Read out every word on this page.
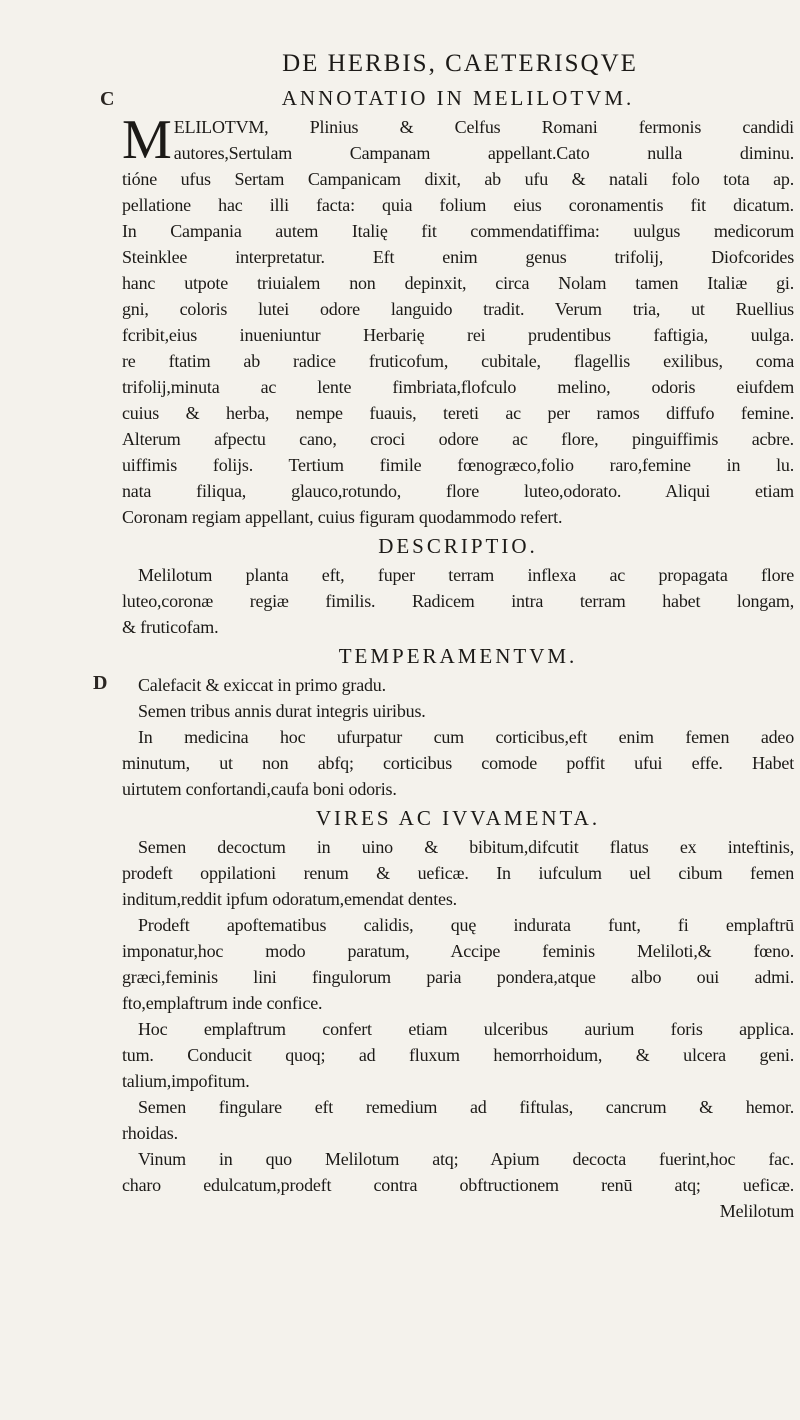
C
D
DE HERBIS, CAETERISQVE
ANNOTATIO IN MELILOTVM.
M ELILOTVM, Plinius & Celfus Romani fermonis candidi
autores,Sertulam Campanam appellant.Cato nulla diminu.
tióne ufus Sertam Campanicam dixit, ab ufu & natali folo tota ap.
pellatione hac illi facta: quia folium eius coronamentis fit dicatum.
In Campania autem Italię fit commendatiffima: uulgus medicorum
Steinklee interpretatur. Eft enim genus trifolij, Diofcorides
hanc utpote triuialem non depinxit, circa Nolam tamen Italiæ gi.
gni, coloris lutei odore languido tradit. Verum tria, ut Ruellius
fcribit,eius inueniuntur Herbarię rei prudentibus faftigia, uulga.
re ftatim ab radice fruticofum, cubitale, flagellis exilibus, coma
trifolij,minuta ac lente fimbriata,flofculo melino, odoris eiufdem
cuius & herba, nempe fuauis, tereti ac per ramos diffufo femine.
Alterum afpectu cano, croci odore ac flore, pinguiffimis acbre.
uiffimis folijs. Tertium fimile fœnogræco,folio raro,femine in lu.
nata filiqua, glauco,rotundo, flore luteo,odorato. Aliqui etiam
Coronam regiam appellant, cuius figuram quodammodo refert.
DESCRIPTIO.
Melilotum planta eft, fuper terram inflexa ac propagata flore
luteo,coronæ regiæ fimilis. Radicem intra terram habet longam,
& fruticofam.
TEMPERAMENTVM.
Calefacit & exiccat in primo gradu.
Semen tribus annis durat integris uiribus.
In medicina hoc ufurpatur cum corticibus,eft enim femen adeo
minutum, ut non abfq; corticibus comode poffit ufui effe. Habet
uirtutem confortandi,caufa boni odoris.
VIRES AC IVVAMENTA.
Semen decoctum in uino & bibitum,difcutit flatus ex inteftinis,
prodeft oppilationi renum & ueficæ. In iufculum uel cibum femen
inditum,reddit ipfum odoratum,emendat dentes.
Prodeft apoftematibus calidis, quę indurata funt, fi emplaftrū
imponatur,hoc modo paratum, Accipe feminis Meliloti,& fœno.
græci,feminis lini fingulorum paria pondera,atque albo oui admi.
fto,emplaftrum inde confice.
Hoc emplaftrum confert etiam ulceribus aurium foris applica.
tum. Conducit quoq; ad fluxum hemorrhoidum, & ulcera geni.
talium,impofitum.
Semen fingulare eft remedium ad fiftulas, cancrum & hemor.
rhoidas.
Vinum in quo Melilotum atq; Apium decocta fuerint,hoc fac.
charo edulcatum,prodeft contra obftructionem renū atq; ueficæ.
Melilotum
